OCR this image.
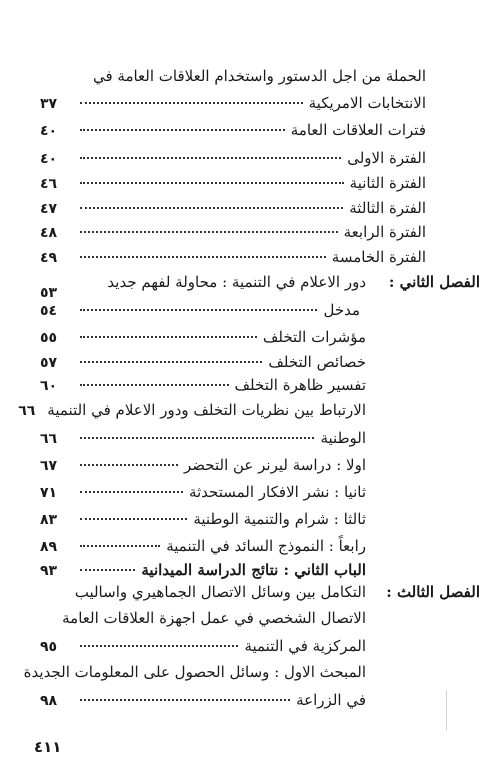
الحملة من اجل الدستور واستخدام العلاقات العامة في
الانتخابات الامريكية
٣٧
فترات العلاقات العامة
٤٠
الفترة الاولى
٤٠
الفترة الثانية
٤٦
الفترة الثالثة
٤٧
الفترة الرابعة
٤٨
الفترة الخامسة
٤٩
الفصل الثاني :
دور الاعلام في التنمية : محاولة لفهم جديد
٥٣
مدخل
٥٤
مؤشرات التخلف
٥٥
خصائص التخلف
٥٧
تفسير ظاهرة التخلف
٦٠
الارتباط بين نظريات التخلف ودور الاعلام في التنمية
٦٦
الوطنية
٦٦
اولا : دراسة ليرنر عن التحضر
٦٧
ثانيا : نشر الافكار المستحدثة
٧١
ثالثا : شرام والتنمية الوطنية
٨٣
رابعاً : النموذج السائد في التنمية
٨٩
الباب الثاني : نتائج الدراسة الميدانية
٩٣
الفصل الثالث :
التكامل بين وسائل الاتصال الجماهيري واساليب
الاتصال الشخصي في عمل اجهزة العلاقات العامة
المركزية في التنمية
٩٥
المبحث الاول : وسائل الحصول على المعلومات الجديدة
في الزراعة
٩٨
٤١١
